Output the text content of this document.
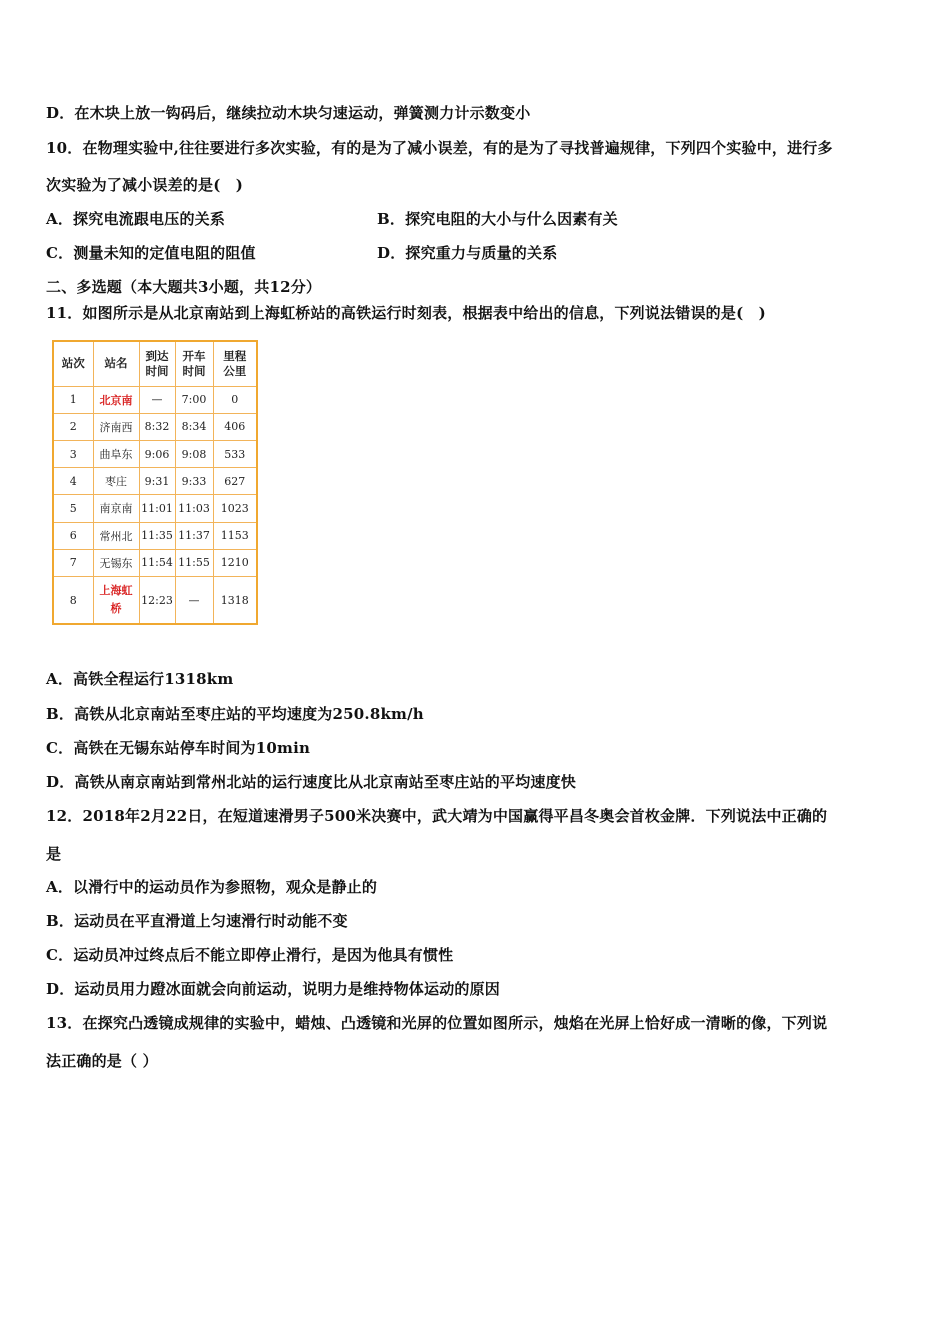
D．在木块上放一钩码后，继续拉动木块匀速运动，弹簧测力计示数变小
10．在物理实验中,往往要进行多次实验，有的是为了减小误差，有的是为了寻找普遍规律，下列四个实验中，进行多
次实验为了减小误差的是(　)
A．探究电流跟电压的关系	B．探究电阻的大小与什么因素有关
C．测量未知的定值电阻的阻值	D．探究重力与质量的关系
二、多选题（本大题共3小题，共12分）
11．如图所示是从北京南站到上海虹桥站的高铁运行时刻表，根据表中给出的信息，下列说法错误的是(　)
站次	站名	到达时间	开车时间	里程公里
1	北京南	—	7:00	0
2	济南西	8:32	8:34	406
3	曲阜东	9:06	9:08	533
4	枣庄	9:31	9:33	627
5	南京南	11:01	11:03	1023
6	常州北	11:35	11:37	1153
7	无锡东	11:54	11:55	1210
8	上海虹桥	12:23	—	1318
A．高铁全程运行1318km
B．高铁从北京南站至枣庄站的平均速度为250.8km/h
C．高铁在无锡东站停车时间为10min
D．高铁从南京南站到常州北站的运行速度比从北京南站至枣庄站的平均速度快
12．2018年2月22日，在短道速滑男子500米决赛中，武大靖为中国赢得平昌冬奥会首枚金牌．下列说法中正确的
是
A．以滑行中的运动员作为参照物，观众是静止的
B．运动员在平直滑道上匀速滑行时动能不变
C．运动员冲过终点后不能立即停止滑行，是因为他具有惯性
D．运动员用力蹬冰面就会向前运动，说明力是维持物体运动的原因
13．在探究凸透镜成规律的实验中，蜡烛、凸透镜和光屏的位置如图所示，烛焰在光屏上恰好成一清晰的像，下列说
法正确的是（ ）
